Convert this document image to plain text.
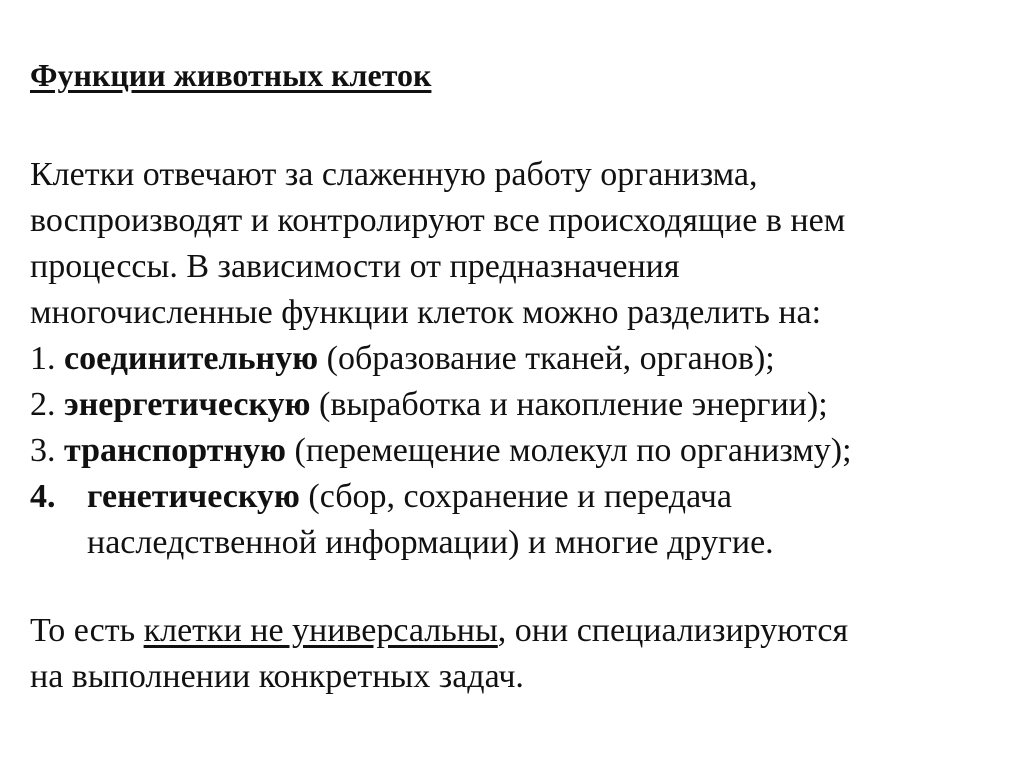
Функции животных клеток
Клетки отвечают за слаженную работу организма,
воспроизводят и контролируют все происходящие в нем
процессы. В зависимости от предназначения
многочисленные функции клеток можно разделить на:
1. соединительную (образование тканей, органов);
2. энергетическую (выработка и накопление энергии);
3. транспортную (перемещение молекул по организму);
4. генетическую (сбор, сохранение и передача
наследственной информации) и многие другие.
То есть клетки не универсальны, они специализируются
на выполнении конкретных задач.
